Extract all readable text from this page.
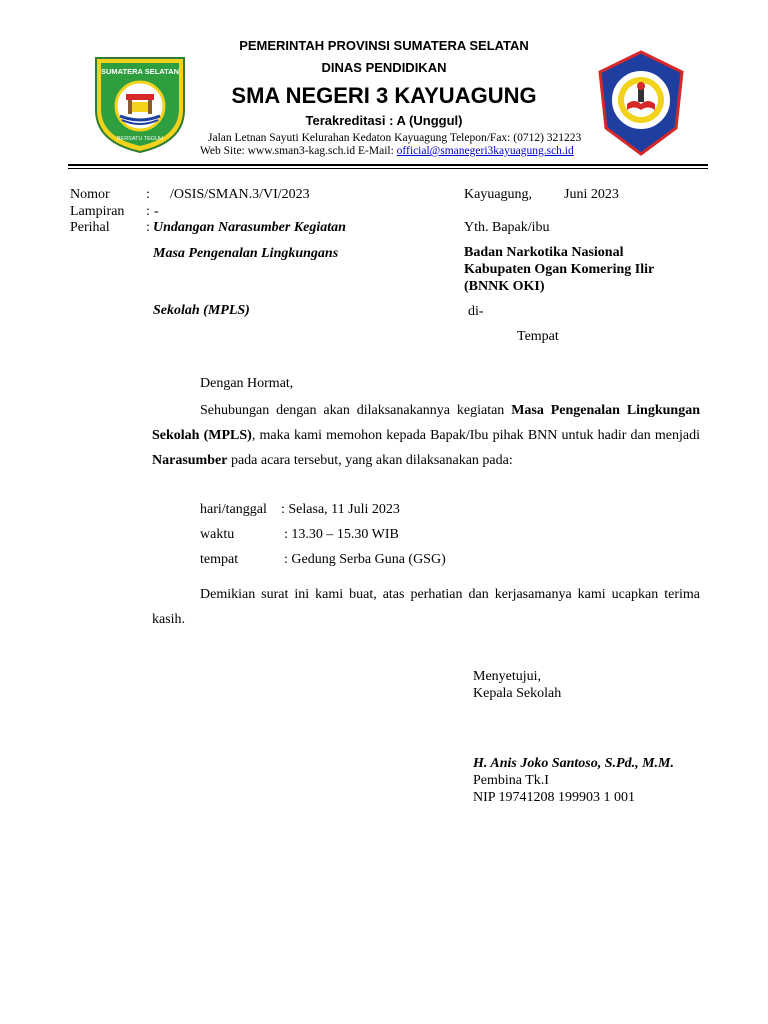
SUMATERA SELATAN
BERSATU TEGUH
PEMERINTAH PROVINSI SUMATERA SELATAN
DINAS PENDIDIKAN
SMA NEGERI 3 KAYUAGUNG
Terakreditasi : A (Unggul)
Jalan Letnan Sayuti Kelurahan Kedaton Kayuagung Telepon/Fax: (0712) 321223
Web Site: www.sman3-kag.sch.id E-Mail: official@smanegeri3kayuagung.sch.id
Nomor	: /OSIS/SMAN.3/VI/2023
Lampiran : -
Perihal	: Undangan Narasumber Kegiatan
Masa Pengenalan Lingkungans
Sekolah (MPLS)
Kayuagung, Juni 2023
Yth. Bapak/ibu
Badan Narkotika Nasional
Kabupaten Ogan Komering Ilir
(BNNK OKI)
di-
Tempat
Dengan Hormat,
Sehubungan dengan akan dilaksanakannya kegiatan Masa Pengenalan Lingkungan Sekolah (MPLS), maka kami memohon kepada Bapak/Ibu pihak BNN untuk hadir dan menjadi Narasumber pada acara tersebut, yang akan dilaksanakan pada:
hari/tanggal : Selasa, 11 Juli 2023
waktu	: 13.30 – 15.30 WIB
tempat	: Gedung Serba Guna (GSG)
Demikian surat ini kami buat, atas perhatian dan kerjasamanya kami ucapkan terima kasih.
Menyetujui,
Kepala Sekolah
H. Anis Joko Santoso, S.Pd., M.M.
Pembina Tk.I
NIP 19741208 199903 1 001
